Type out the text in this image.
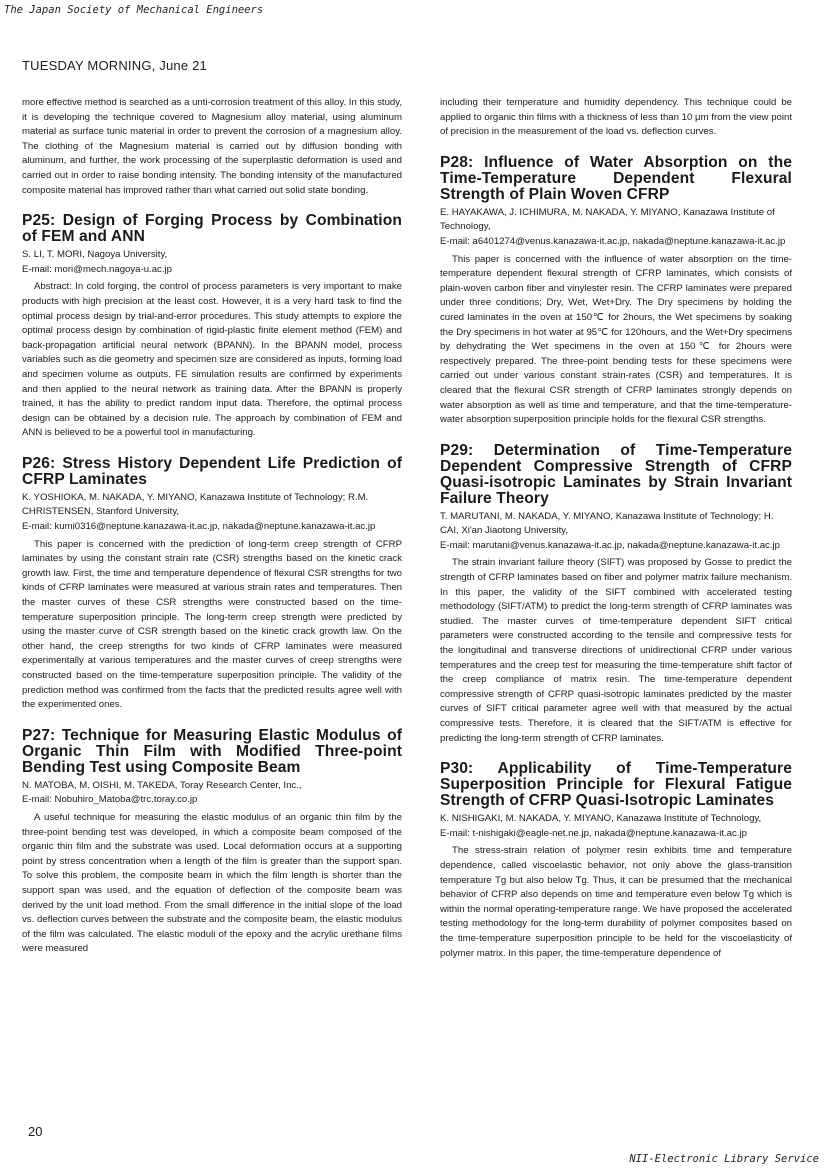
The Japan Society of Mechanical Engineers
TUESDAY MORNING, June 21

more effective method is searched as a unti-corrosion treatment of this alloy. In this study, it is developing the technique covered to Magnesium alloy material, using aluminum material as surface tunic material in order to prevent the corrosion of a magnesium alloy. The clothing of the Magnesium material is carried out by diffusion bonding with aluminum, and further, the work processing of the superplastic deformation is used and carried out in order to raise bonding intensity. The bonding intensity of the manufactured composite material has improved rather than what carried out solid state bonding.

P25: Design of Forging Process by Combination of FEM and ANN

S. LI, T. MORI, Nagoya University,

E-mail: mori@mech.nagoya-u.ac.jp

Abstract: In cold forging, the control of process parameters is very important to make products with high precision at the least cost. However, it is a very hard task to find the optimal process design by trial-and-error procedures. This study attempts to explore the optimal process design by combination of rigid-plastic finite element method (FEM) and back-propagation artificial neural network (BPANN). In the BPANN model, process variables such as die geometry and specimen size are considered as inputs, forming load and specimen volume as outputs. FE simulation results are confirmed by experiments and then applied to the neural network as training data. After the BPANN is properly trained, it has the ability to predict random input data. Therefore, the optimal process design can be obtained by a decision rule. The approach by combination of FEM and ANN is believed to be a powerful tool in manufacturing.

P26: Stress History Dependent Life Prediction of CFRP Laminates

K. YOSHIOKA, M. NAKADA, Y. MIYANO, Kanazawa Institute of Technology; R.M. CHRISTENSEN, Stanford University,

E-mail: kumi0316@neptune.kanazawa-it.ac.jp, nakada@neptune.kanazawa-it.ac.jp

This paper is concerned with the prediction of long-term creep strength of CFRP laminates by using the constant strain rate (CSR) strengths based on the kinetic crack growth law. First, the time and temperature dependence of flexural CSR strengths for two kinds of CFRP laminates were measured at various strain rates and temperatures. Then the master curves of these CSR strengths were constructed based on the time-temperature superposition principle. The long-term creep strength were predicted by using the master curve of CSR strength based on the kinetic crack growth law. On the other hand, the creep strengths for two kinds of CFRP laminates were measured experimentally at various temperatures and the master curves of creep strengths were constructed based on the time-temperature superposition principle. The validity of the prediction method was confirmed from the facts that the predicted results agree well with the experimented ones.

P27: Technique for Measuring Elastic Modulus of Organic Thin Film with Modified Three-point Bending Test using Composite Beam

N. MATOBA, M. OISHI, M. TAKEDA, Toray Research Center, Inc.,

E-mail: Nobuhiro_Matoba@trc.toray.co.jp

A useful technique for measuring the elastic modulus of an organic thin film by the three-point bending test was developed, in which a composite beam composed of the organic thin film and the substrate was used. Local deformation occurs at a supporting point by stress concentration when a length of the film is greater than the support span. To solve this problem, the composite beam in which the film length is shorter than the support span was used, and the equation of deflection of the composite beam was derived by the unit load method. From the small difference in the initial slope of the load vs. deflection curves between the substrate and the composite beam, the elastic modulus of the film was calculated. The elastic moduli of the epoxy and the acrylic urethane films were measured

including their temperature and humidity dependency. This technique could be applied to organic thin films with a thickness of less than 10 μm from the view point of precision in the measurement of the load vs. deflection curves.

P28: Influence of Water Absorption on the Time-Temperature Dependent Flexural Strength of Plain Woven CFRP

E. HAYAKAWA, J. ICHIMURA, M. NAKADA, Y. MIYANO, Kanazawa Institute of Technology,

E-mail: a6401274@venus.kanazawa-it.ac.jp, nakada@neptune.kanazawa-it.ac.jp

This paper is concerned with the influence of water absorption on the time-temperature dependent flexural strength of CFRP laminates, which consists of plain-woven carbon fiber and vinylester resin. The CFRP laminates were prepared under three conditions; Dry, Wet, Wet+Dry. The Dry specimens by holding the cured laminates in the oven at 150℃ for 2hours, the Wet specimens by soaking the Dry specimens in hot water at 95℃ for 120hours, and the Wet+Dry specimens by dehydrating the Wet specimens in the oven at 150℃ for 2hours were respectively prepared. The three-point bending tests for these specimens were carried out under various constant strain-rates (CSR) and temperatures. It is cleared that the flexural CSR strength of CFRP laminates strongly depends on water absorption as well as time and temperature, and that the time-temperature-water absorption superposition principle holds for the flexural CSR strengths.

P29: Determination of Time-Temperature Dependent Compressive Strength of CFRP Quasi-isotropic Laminates by Strain Invariant Failure Theory

T. MARUTANI, M. NAKADA, Y. MIYANO, Kanazawa Institute of Technology; H. CAI, Xi'an Jiaotong University,

E-mail: marutani@venus.kanazawa-it.ac.jp, nakada@neptune.kanazawa-it.ac.jp

The strain invariant failure theory (SIFT) was proposed by Gosse to predict the strength of CFRP laminates based on fiber and polymer matrix failure mechanism. In this paper, the validity of the SIFT combined with accelerated testing methodology (SIFT/ATM) to predict the long-term strength of CFRP laminates was studied. The master curves of time-temperature dependent SIFT critical parameters were constructed according to the tensile and compressive tests for the longitudinal and transverse directions of unidirectional CFRP under various temperatures and the creep test for measuring the time-temperature shift factor of the creep compliance of matrix resin. The time-temperature dependent compressive strength of CFRP quasi-isotropic laminates predicted by the master curves of SIFT critical parameter agree well with that measured by the actual compressive tests. Therefore, it is cleared that the SIFT/ATM is effective for predicting the long-term strength of CFRP laminates.

P30: Applicability of Time-Temperature Superposition Principle for Flexural Fatigue Strength of CFRP Quasi-Isotropic Laminates

K. NISHIGAKI, M. NAKADA, Y. MIYANO, Kanazawa Institute of Technology,

E-mail: t-nishigaki@eagle-net.ne.jp, nakada@neptune.kanazawa-it.ac.jp

The stress-strain relation of polymer resin exhibits time and temperature dependence, called viscoelastic behavior, not only above the glass-transition temperature Tg but also below Tg. Thus, it can be presumed that the mechanical behavior of CFRP also depends on time and temperature even below Tg which is within the normal operating-temperature range. We have proposed the accelerated testing methodology for the long-term durability of polymer composites based on the time-temperature superposition principle to be held for the viscoelasticity of polymer matrix. In this paper, the time-temperature dependence of

20
NII-Electronic Library Service
